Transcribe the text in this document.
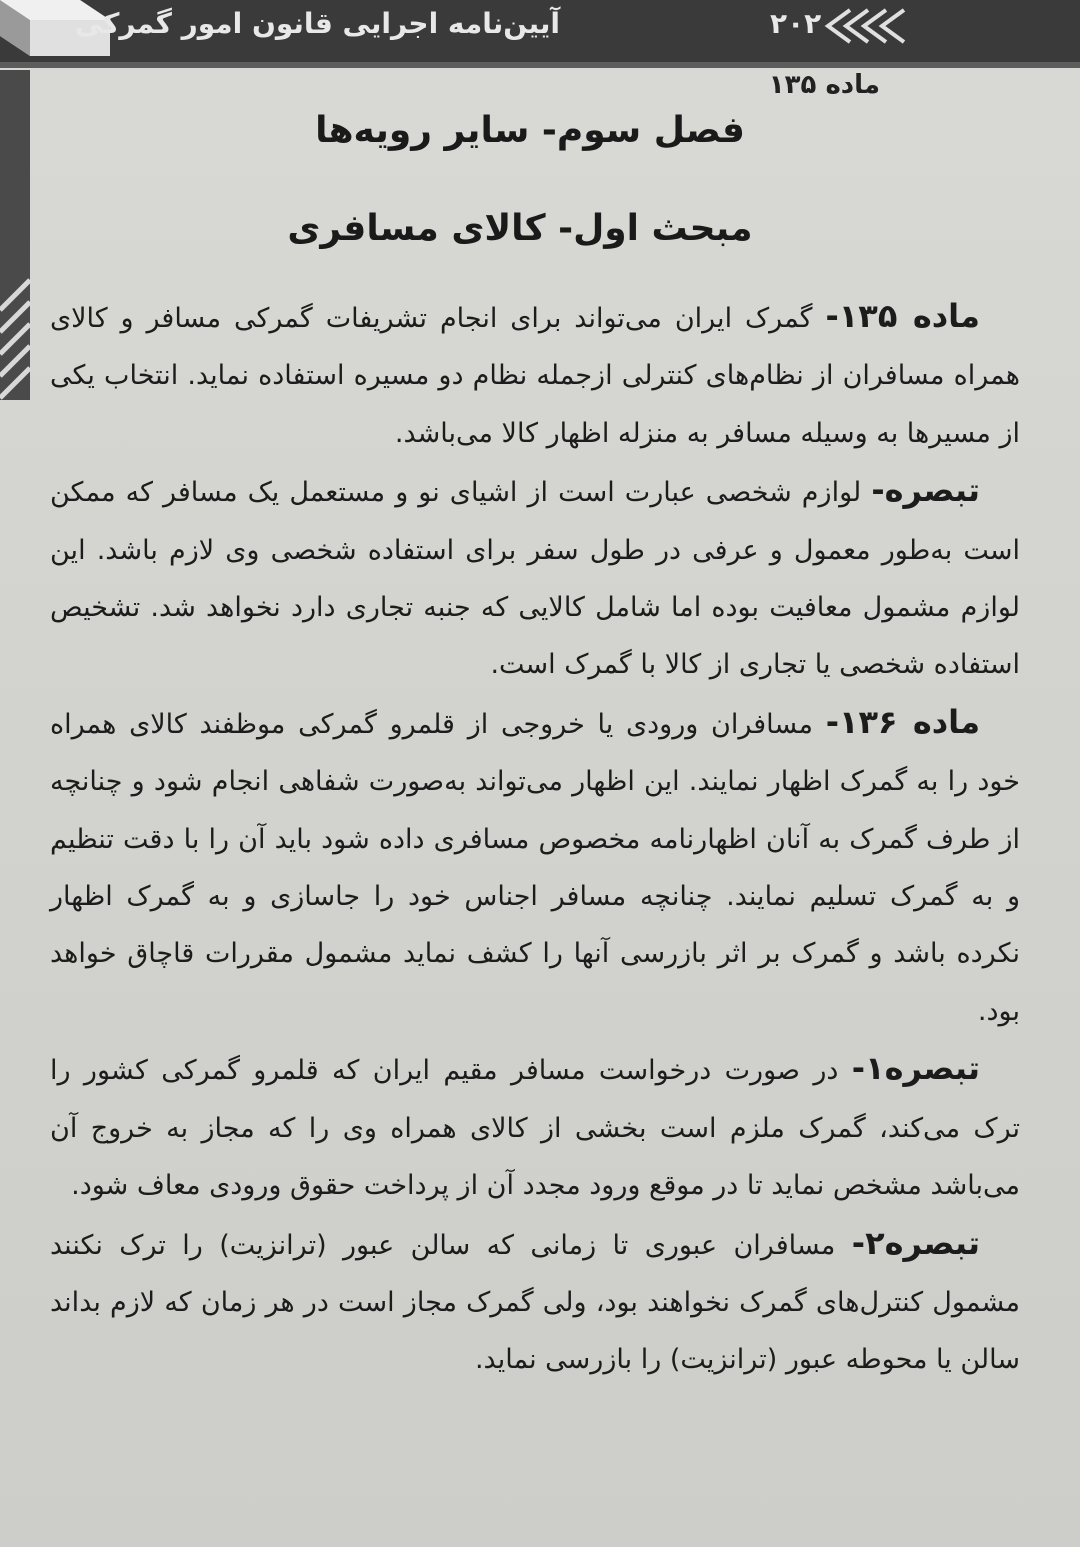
آیین‌نامه اجرایی قانون امور گمرکی	۲۰۲
ماده ۱۳۵
فصل سوم- سایر رویه‌ها
مبحث اول- کالای مسافری

ماده ۱۳۵- گمرک ایران می‌تواند برای انجام تشریفات گمرکی مسافر و کالای همراه مسافران از نظام‌های کنترلی ازجمله نظام دو مسیره استفاده نماید. انتخاب یکی از مسیرها به وسیله مسافر به منزله اظهار کالا می‌باشد.

تبصره- لوازم شخصی عبارت است از اشیای نو و مستعمل یک مسافر که ممکن است به‌طور معمول و عرفی در طول سفر برای استفاده شخصی وی لازم باشد. این لوازم مشمول معافیت بوده اما شامل کالایی که جنبه تجاری دارد نخواهد شد. تشخیص استفاده شخصی یا تجاری از کالا با گمرک است.

ماده ۱۳۶- مسافران ورودی یا خروجی از قلمرو گمرکی موظفند کالای همراه خود را به گمرک اظهار نمایند. این اظهار می‌تواند به‌صورت شفاهی انجام شود و چنانچه از طرف گمرک به آنان اظهارنامه مخصوص مسافری داده شود باید آن را با دقت تنظیم و به گمرک تسلیم نمایند. چنانچه مسافر اجناس خود را جاسازی و به گمرک اظهار نکرده باشد و گمرک بر اثر بازرسی آنها را کشف نماید مشمول مقررات قاچاق خواهد بود.

تبصره۱- در صورت درخواست مسافر مقیم ایران که قلمرو گمرکی کشور را ترک می‌کند، گمرک ملزم است بخشی از کالای همراه وی را که مجاز به خروج آن می‌باشد مشخص نماید تا در موقع ورود مجدد آن از پرداخت حقوق ورودی معاف شود.

تبصره۲- مسافران عبوری تا زمانی که سالن عبور (ترانزیت) را ترک نکنند مشمول کنترل‌های گمرک نخواهند بود، ولی گمرک مجاز است در هر زمان که لازم بداند سالن یا محوطه عبور (ترانزیت) را بازرسی نماید.
